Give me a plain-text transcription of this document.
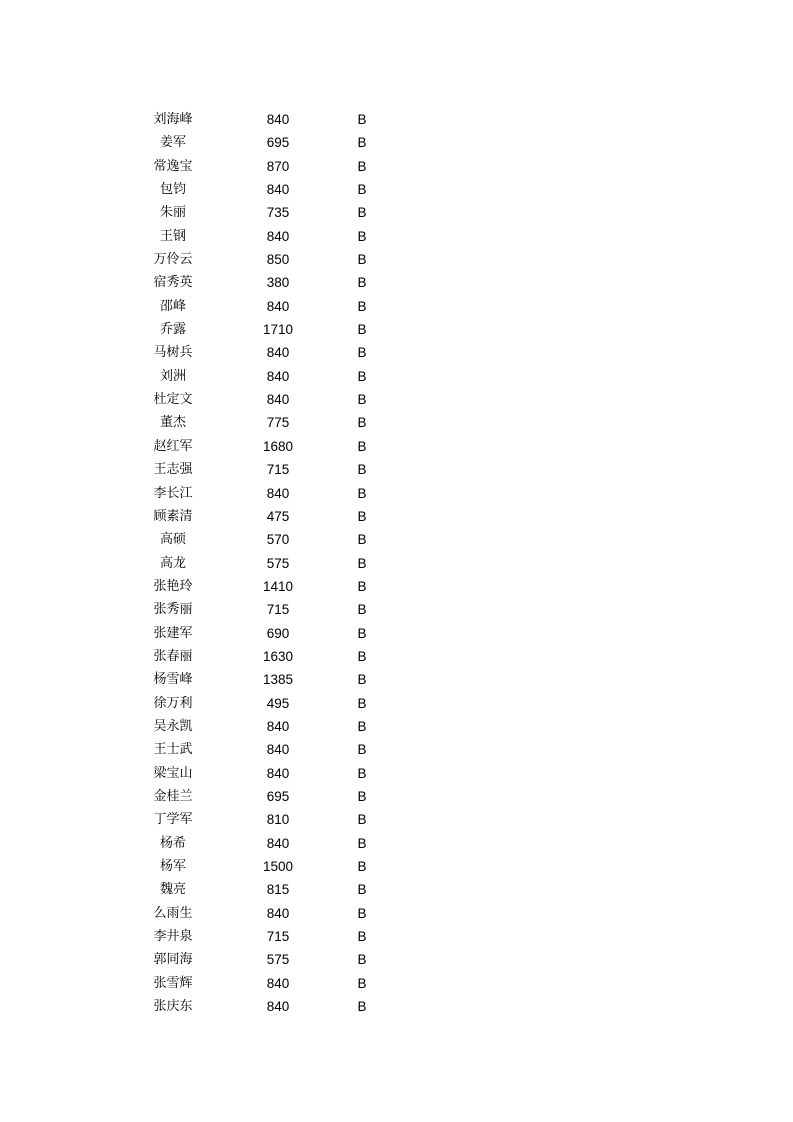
刘海峰	840	B
姜军	695	B
常逸宝	870	B
包钧	840	B
朱丽	735	B
王钢	840	B
万伶云	850	B
宿秀英	380	B
邵峰	840	B
乔露	1710	B
马树兵	840	B
刘洲	840	B
杜定文	840	B
董杰	775	B
赵红军	1680	B
王志强	715	B
李长江	840	B
顾素清	475	B
高硕	570	B
高龙	575	B
张艳玲	1410	B
张秀丽	715	B
张建军	690	B
张春丽	1630	B
杨雪峰	1385	B
徐万利	495	B
吴永凯	840	B
王士武	840	B
梁宝山	840	B
金桂兰	695	B
丁学军	810	B
杨希	840	B
杨军	1500	B
魏亮	815	B
么雨生	840	B
李井泉	715	B
郭同海	575	B
张雪辉	840	B
张庆东	840	B
